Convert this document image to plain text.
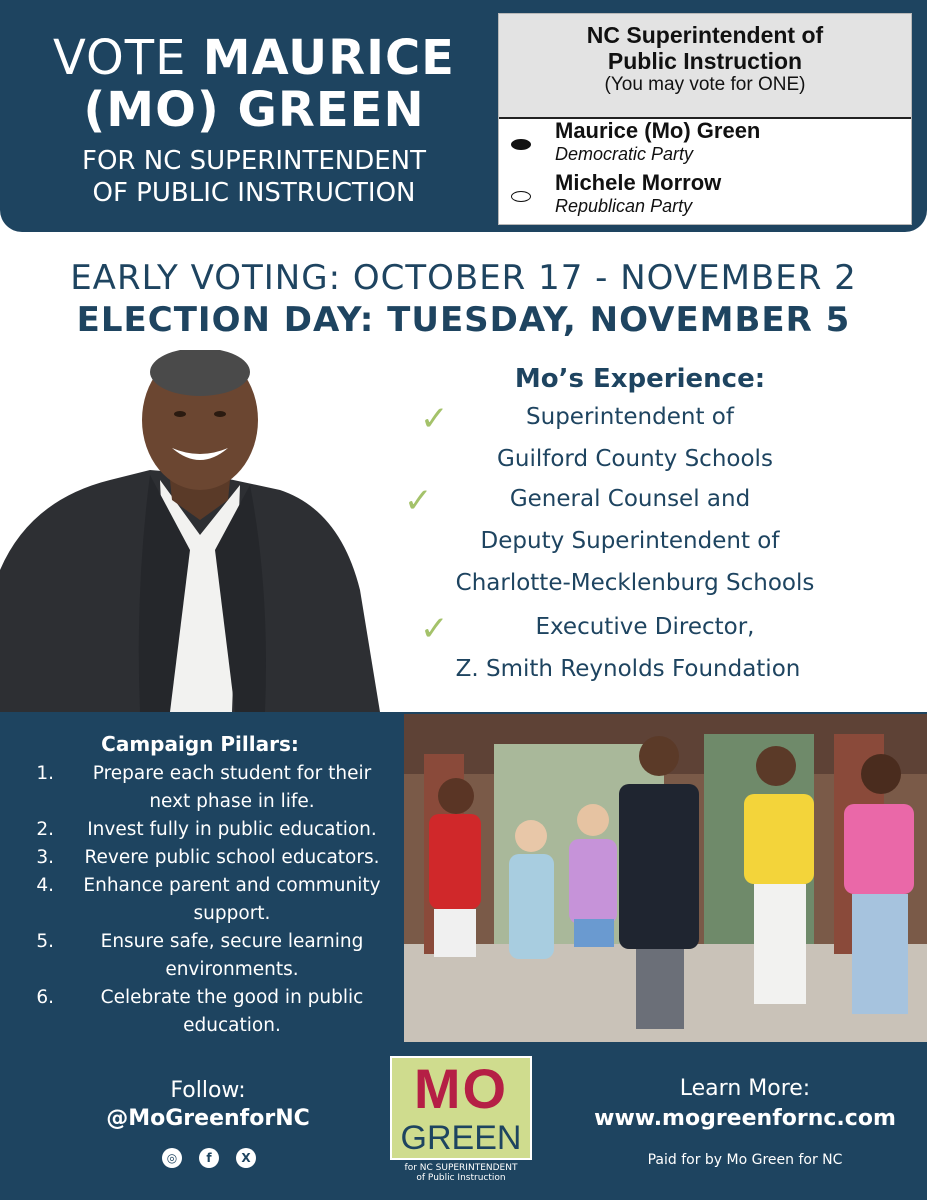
VOTE MAURICE
(MO) GREEN
FOR NC SUPERINTENDENT
OF PUBLIC INSTRUCTION
NC Superintendent of
Public Instruction
(You may vote for ONE)
Maurice (Mo) Green
Democratic Party
Michele Morrow
Republican Party
EARLY VOTING: OCTOBER 17 - NOVEMBER 2
ELECTION DAY: TUESDAY, NOVEMBER 5
Mo’s Experience:
✓	Superintendent of
Guilford County Schools
✓	General Counsel and
Deputy Superintendent of
Charlotte-Mecklenburg Schools
✓	Executive Director,
Z. Smith Reynolds Foundation
Campaign Pillars:
1.	Prepare each student for their
next phase in life.
2.	Invest fully in public education.
3.	Revere public school educators.
4.	Enhance parent and community
support.
5.	Ensure safe, secure learning
environments.
6.	Celebrate the good in public
education.
Follow:
@MoGreenforNC
◎	f	X
MO
GREEN
for NC SUPERINTENDENT
of Public Instruction
Learn More:
www.mogreenfornc.com
Paid for by Mo Green for NC
